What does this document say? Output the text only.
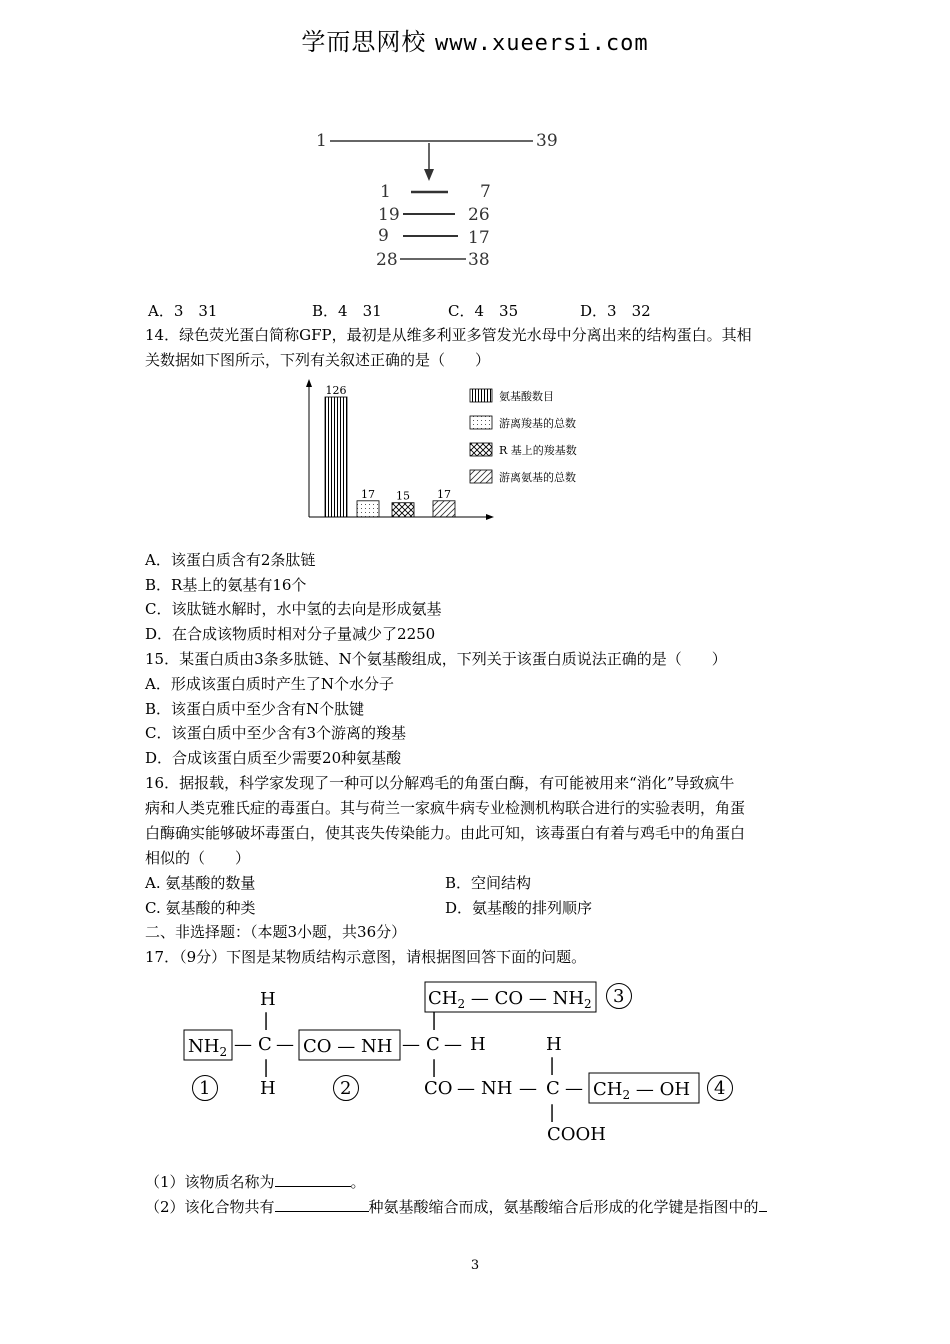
学而思网校 www.xueersi.com
1	39
1	7
19	26
9	17
28	38
A．3　31	B．4　31	C．4　35	D．3　32
14．绿色荧光蛋白简称GFP，最初是从维多利亚多管发光水母中分离出来的结构蛋白。其相
关数据如下图所示，下列有关叙述正确的是（　　）
126
17 15 17
氨基酸数目
游离羧基的总数
R 基上的羧基数
游离氨基的总数
A．该蛋白质含有2条肽链
B．R基上的氨基有16个
C．该肽链水解时，水中氢的去向是形成氨基
D．在合成该物质时相对分子量减少了2250
15．某蛋白质由3条多肽链、N个氨基酸组成，下列关于该蛋白质说法正确的是（　　）
A．形成该蛋白质时产生了N个水分子
B．该蛋白质中至少含有N个肽键
C．该蛋白质中至少含有3个游离的羧基
D．合成该蛋白质至少需要20种氨基酸
16．据报载，科学家发现了一种可以分解鸡毛的角蛋白酶，有可能被用来“消化”导致疯牛
病和人类克雅氏症的毒蛋白。其与荷兰一家疯牛病专业检测机构联合进行的实验表明，角蛋
白酶确实能够破坏毒蛋白，使其丧失传染能力。由此可知，该毒蛋白有着与鸡毛中的角蛋白
相似的（　　）
A. 氨基酸的数量	B．空间结构
C. 氨基酸的种类	D．氨基酸的排列顺序
二、非选择题：（本题3小题，共36分）
17．（9分）下图是某物质结构示意图，请根据图回答下面的问题。
H
|
$CH_2$ — CO — $NH_2$ 3
|
$NH_2$ — C — CO — NH — C — H	H
|	|	|
1	H	2	CO — NH — C — $CH_2$ — OH 4
|
COOH
（1）该物质名称为	。
（2）该化合物共有	种氨基酸缩合而成，氨基酸缩合后形成的化学键是指图中的
3
